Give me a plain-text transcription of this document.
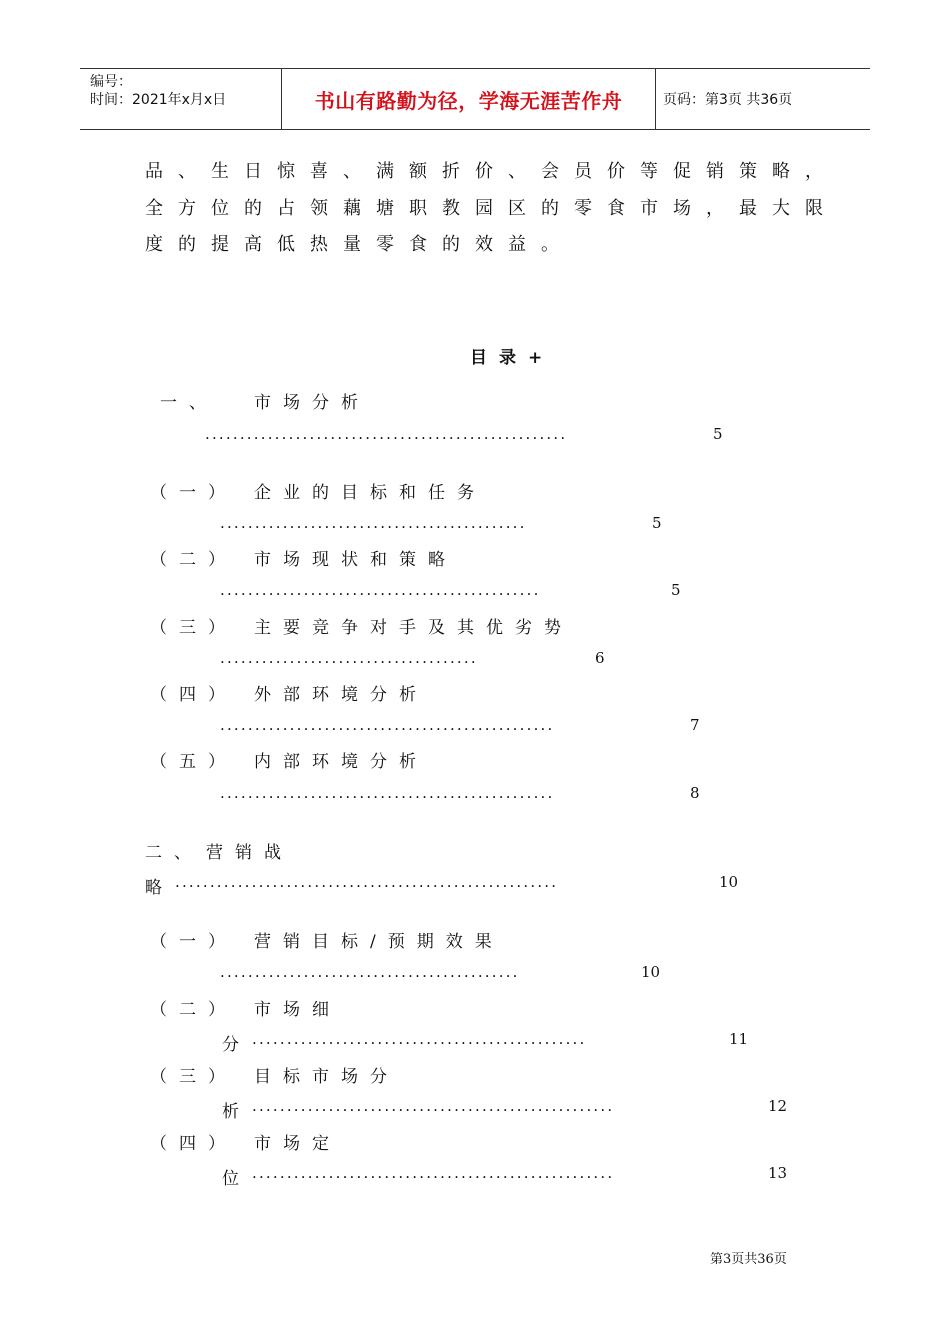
编号：
时间：2021年x月x日	书山有路勤为径，学海无涯苦作舟	页码：第3页 共36页
品、生日惊喜、满额折价、会员价等促销策略，
全方位的占领藕塘职教园区的零食市场，最大限
度的提高低热量零食的效益。
目录+
一、 市场分析
....................................................	5
（一） 企业的目标和任务
............................................	5
（二） 市场现状和策略
..............................................	5
（三） 主要竞争对手及其优劣势
.....................................	6
（四） 外部环境分析
................................................	7
（五） 内部环境分析
................................................	8
二、 营销战
略 .......................................................	10
（一） 营销目标/预期效果
...........................................	10
（二） 市场细
分 ................................................	11
（三） 目标市场分
析 ....................................................	12
（四） 市场定
位 ....................................................	13
第3页共36页
